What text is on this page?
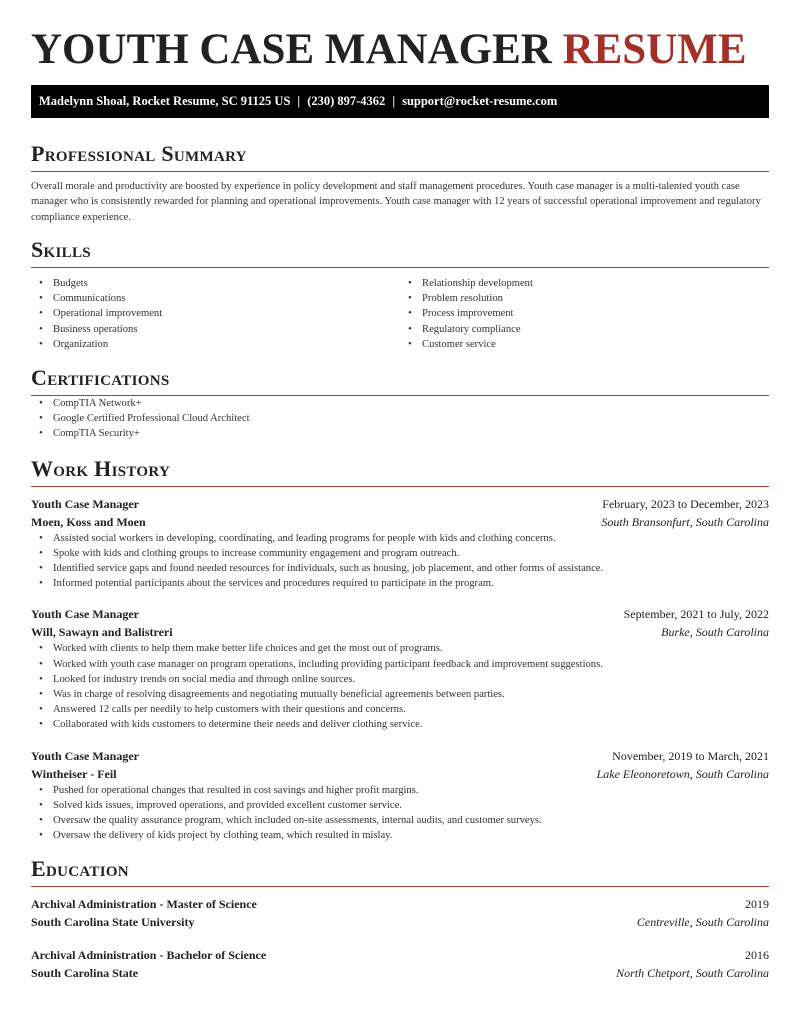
YOUTH CASE MANAGER RESUME
Madelynn Shoal, Rocket Resume, SC 91125 US | (230) 897-4362 | support@rocket-resume.com
Professional Summary

Overall morale and productivity are boosted by experience in policy development and staff management procedures. Youth case manager is a multi-talented youth case manager who is consistently rewarded for planning and operational improvements. Youth case manager with 12 years of successful operational improvement and regulatory compliance experience.

Skills
• Budgets
• Communications
• Operational improvement
• Business operations
• Organization
• Relationship development
• Problem resolution
• Process improvement
• Regulatory compliance
• Customer service
Certifications
• CompTIA Network+
• Google Certified Professional Cloud Architect
• CompTIA Security+
Work History
Youth Case Manager	February, 2023 to December, 2023
Moen, Koss and Moen	South Bransonfurt, South Carolina
• Assisted social workers in developing, coordinating, and leading programs for people with kids and clothing concerns.
• Spoke with kids and clothing groups to increase community engagement and program outreach.
• Identified service gaps and found needed resources for individuals, such as housing, job placement, and other forms of assistance.
• Informed potential participants about the services and procedures required to participate in the program.
Youth Case Manager	September, 2021 to July, 2022
Will, Sawayn and Balistreri	Burke, South Carolina
• Worked with clients to help them make better life choices and get the most out of programs.
• Worked with youth case manager on program operations, including providing participant feedback and improvement suggestions.
• Looked for industry trends on social media and through online sources.
• Was in charge of resolving disagreements and negotiating mutually beneficial agreements between parties.
• Answered 12 calls per needily to help customers with their questions and concerns.
• Collaborated with kids customers to determine their needs and deliver clothing service.
Youth Case Manager	November, 2019 to March, 2021
Wintheiser - Feil	Lake Eleonoretown, South Carolina
• Pushed for operational changes that resulted in cost savings and higher profit margins.
• Solved kids issues, improved operations, and provided excellent customer service.
• Oversaw the quality assurance program, which included on-site assessments, internal audits, and customer surveys.
• Oversaw the delivery of kids project by clothing team, which resulted in mislay.
Education
Archival Administration - Master of Science	2019
South Carolina State University	Centreville, South Carolina
Archival Administration - Bachelor of Science	2016
South Carolina State	North Chetport, South Carolina
